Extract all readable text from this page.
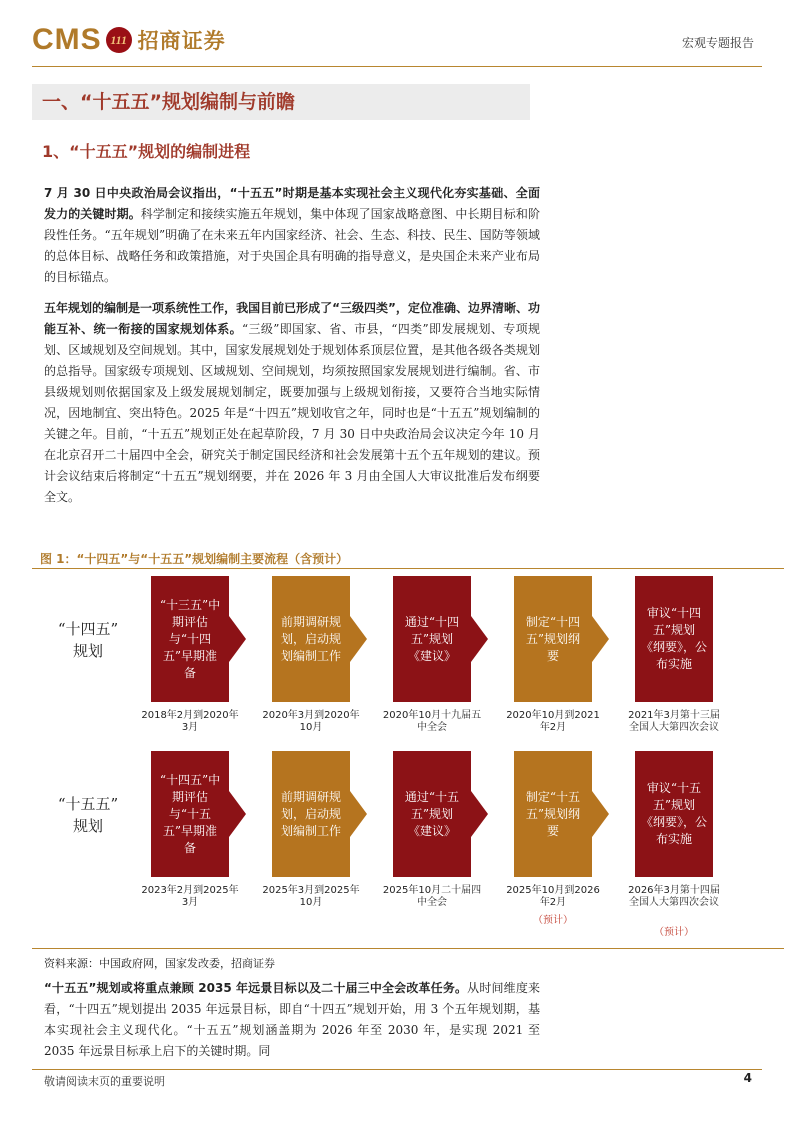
CMS 111 招商证券	宏观专题报告
一、“十五五”规划编制与前瞻
1、“十五五”规划的编制进程

7 月 30 日中央政治局会议指出，“十五五”时期是基本实现社会主义现代化夯实基础、全面发力的关键时期。科学制定和接续实施五年规划，集中体现了国家战略意图、中长期目标和阶段性任务。“五年规划”明确了在未来五年内国家经济、社会、生态、科技、民生、国防等领域的总体目标、战略任务和政策措施，对于央国企具有明确的指导意义，是央国企未来产业布局的目标锚点。

五年规划的编制是一项系统性工作，我国目前已形成了“三级四类”，定位准确、边界清晰、功能互补、统一衔接的国家规划体系。“三级”即国家、省、市县，“四类”即发展规划、专项规划、区域规划及空间规划。其中，国家发展规划处于规划体系顶层位置，是其他各级各类规划的总指导。国家级专项规划、区域规划、空间规划，均须按照国家发展规划进行编制。省、市县级规划则依据国家及上级发展规划制定，既要加强与上级规划衔接，又要符合当地实际情况，因地制宜、突出特色。2025 年是“十四五”规划收官之年，同时也是“十五五”规划编制的关键之年。目前，“十五五”规划正处在起草阶段，7 月 30 日中央政治局会议决定今年 10 月在北京召开二十届四中全会，研究关于制定国民经济和社会发展第十五个五年规划的建议。预计会议结束后将制定“十五五”规划纲要，并在 2026 年 3 月由全国人大审议批准后发布纲要全文。

图 1：“十四五”与“十五五”规划编制主要流程（含预计）
“十四五”
规划
“十三五”中期评估与“十四五”早期准备
2018年2月到2020年3月
前期调研规划，启动规划编制工作
2020年3月到2020年10月
通过“十四五”规划《建议》
2020年10月十九届五中全会
制定“十四五”规划纲要
2020年10月到2021年2月
审议“十四五”规划《纲要》，公布实施
2021年3月第十三届全国人大第四次会议
“十五五”
规划
“十四五”中期评估与“十五五”早期准备
2023年2月到2025年3月
前期调研规划，启动规划编制工作
2025年3月到2025年10月
通过“十五五”规划《建议》
2025年10月二十届四中全会
制定“十五五”规划纲要
2025年10月到2026年2月
（预计）
审议“十五五”规划《纲要》，公布实施
2026年3月第十四届全国人大第四次会议
（预计）
资料来源：中国政府网，国家发改委，招商证券

“十五五”规划或将重点兼顾 2035 年远景目标以及二十届三中全会改革任务。从时间维度来看，“十四五”规划提出 2035 年远景目标，即自“十四五”规划开始，用 3 个五年规划期，基本实现社会主义现代化。“十五五”规划涵盖期为 2026 年至 2030 年，是实现 2021 至 2035 年远景目标承上启下的关键时期。同

敬请阅读末页的重要说明	4
